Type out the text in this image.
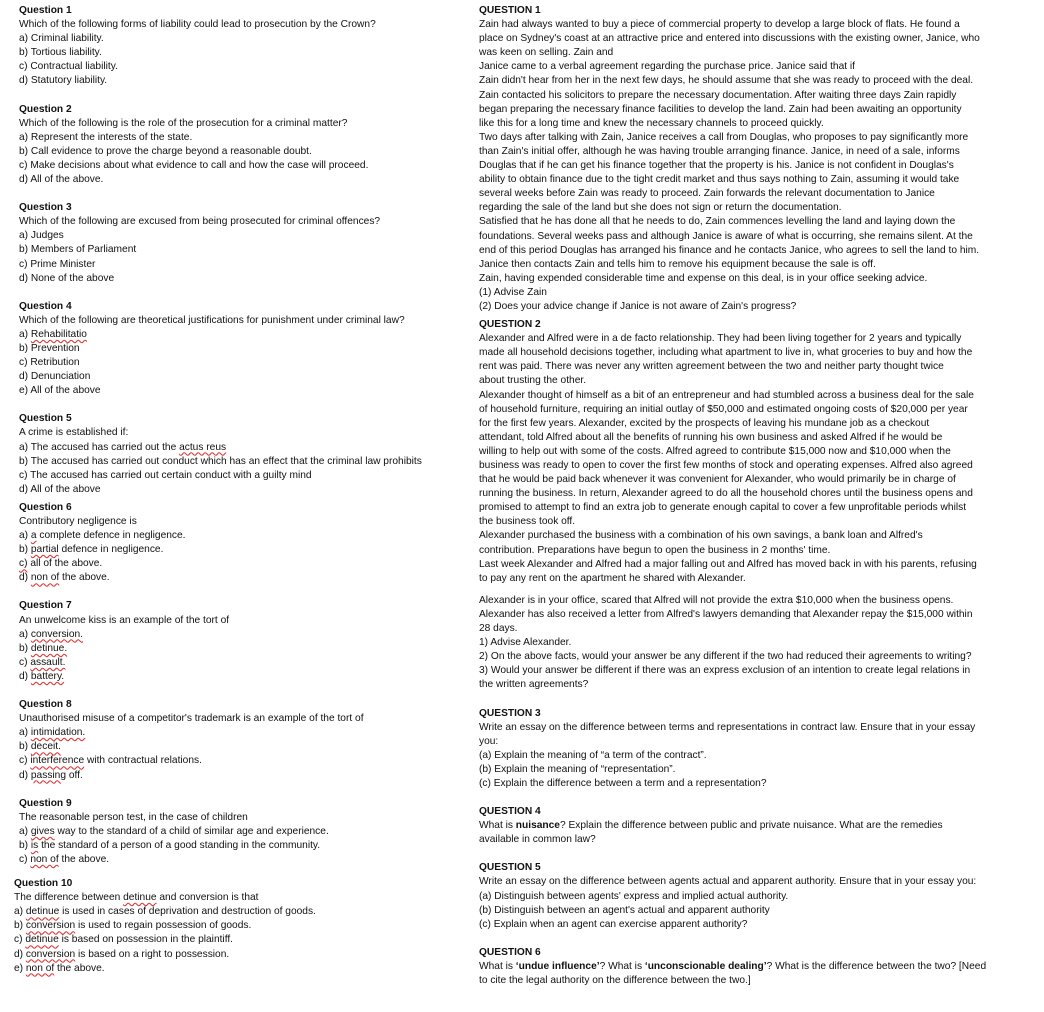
Question 1

Which of the following forms of liability could lead to prosecution by the Crown?

a) Criminal liability.

b) Tortious liability.

c) Contractual liability.

d) Statutory liability.

Question 2

Which of the following is the role of the prosecution for a criminal matter?

a) Represent the interests of the state.

b) Call evidence to prove the charge beyond a reasonable doubt.

c) Make decisions about what evidence to call and how the case will proceed.

d) All of the above.

Question 3

Which of the following are excused from being prosecuted for criminal offences?

a) Judges

b) Members of Parliament

c) Prime Minister

d) None of the above

Question 4

Which of the following are theoretical justifications for punishment under criminal law?

a) Rehabilitatio

b) Prevention

c) Retribution

d) Denunciation

e) All of the above

Question 5

A crime is established if:

a) The accused has carried out the actus reus

b) The accused has carried out conduct which has an effect that the criminal law prohibits

c) The accused has carried out certain conduct with a guilty mind

d) All of the above

Question 6

Contributory negligence is

a) a complete defence in negligence.

b) partial defence in negligence.

c) all of the above.

d) non of the above.

Question 7

An unwelcome kiss is an example of the tort of

a) conversion.

b) detinue.

c) assault.

d) battery.

Question 8

Unauthorised misuse of a competitor's trademark is an example of the tort of

a) intimidation.

b) deceit.

c) interference with contractual relations.

d) passing off.

Question 9

The reasonable person test, in the case of children

a) gives way to the standard of a child of similar age and experience.

b) is the standard of a person of a good standing in the community.

c) non of the above.

Question 10

The difference between detinue and conversion is that

a) detinue is used in cases of deprivation and destruction of goods.

b) conversion is used to regain possession of goods.

c) detinue is based on possession in the plaintiff.

d) conversion is based on a right to possession.

e) non of the above.

QUESTION 1

Zain had always wanted to buy a piece of commercial property to develop a large block of flats. He found a

place on Sydney's coast at an attractive price and entered into discussions with the existing owner, Janice, who

was keen on selling. Zain and

Janice came to a verbal agreement regarding the purchase price. Janice said that if

Zain didn't hear from her in the next few days, he should assume that she was ready to proceed with the deal.

Zain contacted his solicitors to prepare the necessary documentation. After waiting three days Zain rapidly

began preparing the necessary finance facilities to develop the land. Zain had been awaiting an opportunity

like this for a long time and knew the necessary channels to proceed quickly.

Two days after talking with Zain, Janice receives a call from Douglas, who proposes to pay significantly more

than Zain's initial offer, although he was having trouble arranging finance. Janice, in need of a sale, informs

Douglas that if he can get his finance together that the property is his. Janice is not confident in Douglas's

ability to obtain finance due to the tight credit market and thus says nothing to Zain, assuming it would take

several weeks before Zain was ready to proceed. Zain forwards the relevant documentation to Janice

regarding the sale of the land but she does not sign or return the documentation.

Satisfied that he has done all that he needs to do, Zain commences levelling the land and laying down the

foundations. Several weeks pass and although Janice is aware of what is occurring, she remains silent. At the

end of this period Douglas has arranged his finance and he contacts Janice, who agrees to sell the land to him.

Janice then contacts Zain and tells him to remove his equipment because the sale is off.

Zain, having expended considerable time and expense on this deal, is in your office seeking advice.

(1) Advise Zain

(2) Does your advice change if Janice is not aware of Zain's progress?

QUESTION 2

Alexander and Alfred were in a de facto relationship. They had been living together for 2 years and typically

made all household decisions together, including what apartment to live in, what groceries to buy and how the

rent was paid. There was never any written agreement between the two and neither party thought twice

about trusting the other.

Alexander thought of himself as a bit of an entrepreneur and had stumbled across a business deal for the sale

of household furniture, requiring an initial outlay of $50,000 and estimated ongoing costs of $20,000 per year

for the first few years. Alexander, excited by the prospects of leaving his mundane job as a checkout

attendant, told Alfred about all the benefits of running his own business and asked Alfred if he would be

willing to help out with some of the costs. Alfred agreed to contribute $15,000 now and $10,000 when the

business was ready to open to cover the first few months of stock and operating expenses. Alfred also agreed

that he would be paid back whenever it was convenient for Alexander, who would primarily be in charge of

running the business. In return, Alexander agreed to do all the household chores until the business opens and

promised to attempt to find an extra job to generate enough capital to cover a few unprofitable periods whilst

the business took off.

Alexander purchased the business with a combination of his own savings, a bank loan and Alfred's

contribution. Preparations have begun to open the business in 2 months' time.

Last week Alexander and Alfred had a major falling out and Alfred has moved back in with his parents, refusing

to pay any rent on the apartment he shared with Alexander.

Alexander is in your office, scared that Alfred will not provide the extra $10,000 when the business opens.

Alexander has also received a letter from Alfred's lawyers demanding that Alexander repay the $15,000 within

28 days.

1) Advise Alexander.

2) On the above facts, would your answer be any different if the two had reduced their agreements to writing?

3) Would your answer be different if there was an express exclusion of an intention to create legal relations in

the written agreements?

QUESTION 3

Write an essay on the difference between terms and representations in contract law. Ensure that in your essay

you:

(a) Explain the meaning of “a term of the contract”.

(b) Explain the meaning of “representation”.

(c) Explain the difference between a term and a representation?

QUESTION 4

What is nuisance? Explain the difference between public and private nuisance. What are the remedies

available in common law?

QUESTION 5

Write an essay on the difference between agents actual and apparent authority. Ensure that in your essay you:

(a) Distinguish between agents' express and implied actual authority.

(b) Distinguish between an agent's actual and apparent authority

(c) Explain when an agent can exercise apparent authority?

QUESTION 6

What is ‘undue influence’? What is ‘unconscionable dealing’? What is the difference between the two? [Need

to cite the legal authority on the difference between the two.]
